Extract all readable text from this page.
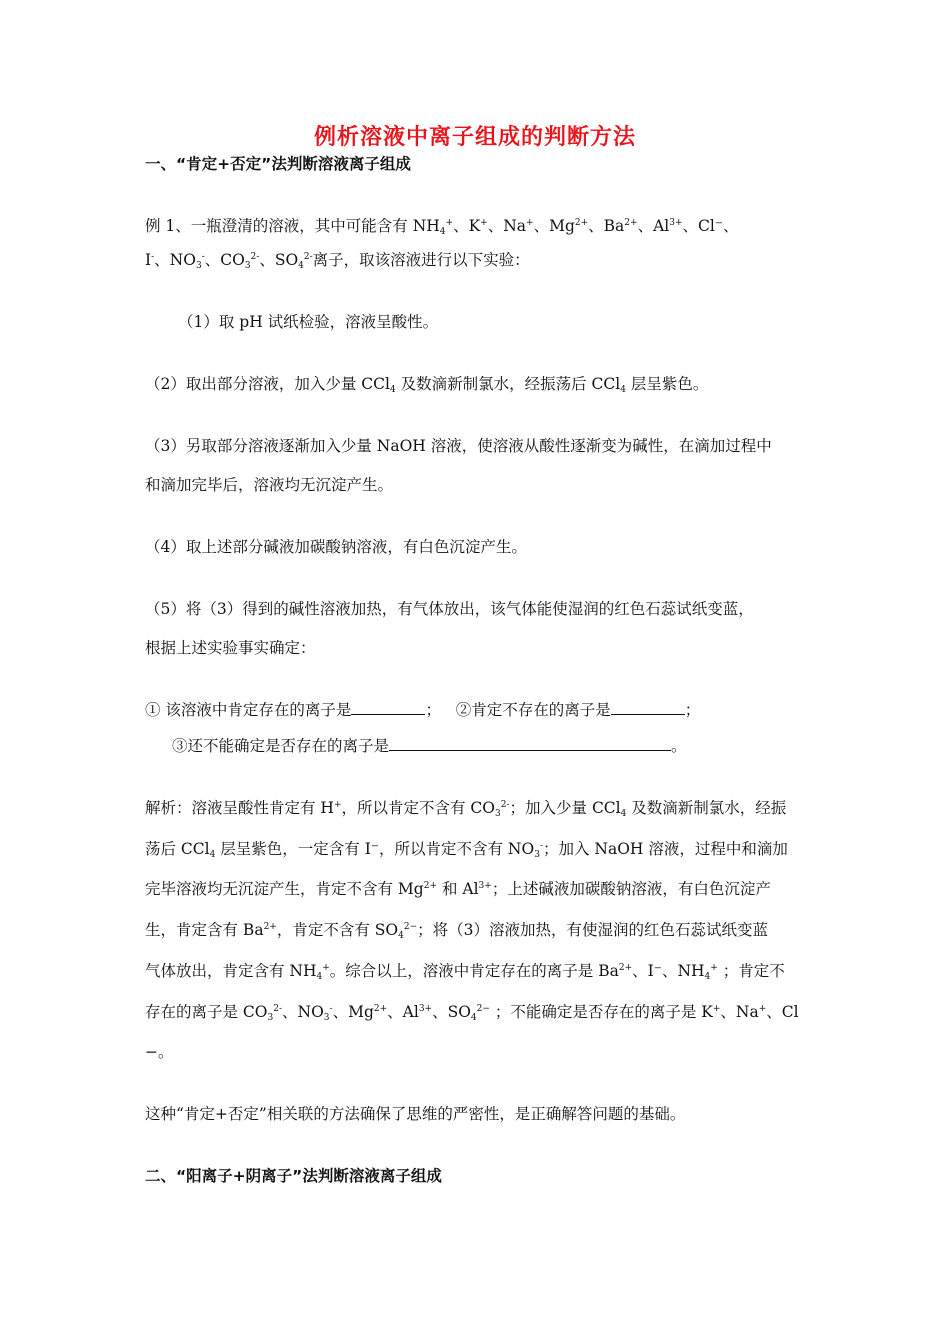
例析溶液中离子组成的判断方法
一、“肯定+否定”法判断溶液离子组成
例 1、一瓶澄清的溶液，其中可能含有 $NH_4^+$、K+、Na+、$Mg^{2+}$、$Ba^{2+}$、$Al^{3+}$、Cl⁻、
I-、$NO_3^-$、$CO_3^{2-}$、$SO_4^{2-}$离子，取该溶液进行以下实验：
（1）取 pH 试纸检验，溶液呈酸性。
（2）取出部分溶液，加入少量 CCl$_4$ 及数滴新制氯水，经振荡后 CCl$_4$ 层呈紫色。
（3）另取部分溶液逐渐加入少量 NaOH 溶液，使溶液从酸性逐渐变为碱性，在滴加过程中
和滴加完毕后，溶液均无沉淀产生。
（4）取上述部分碱液加碳酸钠溶液，有白色沉淀产生。
（5）将（3）得到的碱性溶液加热，有气体放出，该气体能使湿润的红色石蕊试纸变蓝，
根据上述实验事实确定：
① 该溶液中肯定存在的离子是	； ②肯定不存在的离子是	；
③还不能确定是否存在的离子是	。
解析：溶液呈酸性肯定有 H+，所以肯定不含有 $CO_3^{2-}$；加入少量 CCl$_4$ 及数滴新制氯水，经振
荡后 CCl$_4$ 层呈紫色，一定含有 I⁻，所以肯定不含有 $NO_3^-$；加入 NaOH 溶液，过程中和滴加
完毕溶液均无沉淀产生，肯定不含有 $Mg^{2+}$ 和 $Al^{3+}$；上述碱液加碳酸钠溶液，有白色沉淀产
生，肯定含有 $Ba^{2+}$，肯定不含有 $SO_4^{2-}$；将（3）溶液加热，有使湿润的红色石蕊试纸变蓝
气体放出，肯定含有 $NH_4^+$。综合以上，溶液中肯定存在的离子是 $Ba^{2+}$、I⁻、$NH_4^+$ ；肯定不
存在的离子是 $CO_3^{2-}$、$NO_3^-$、$Mg^{2+}$、$Al^{3+}$、$SO_4^{2-}$ ；不能确定是否存在的离子是 K+、Na+、Cl
−。
这种“肯定+否定”相关联的方法确保了思维的严密性，是正确解答问题的基础。
二、“阳离子+阴离子”法判断溶液离子组成
